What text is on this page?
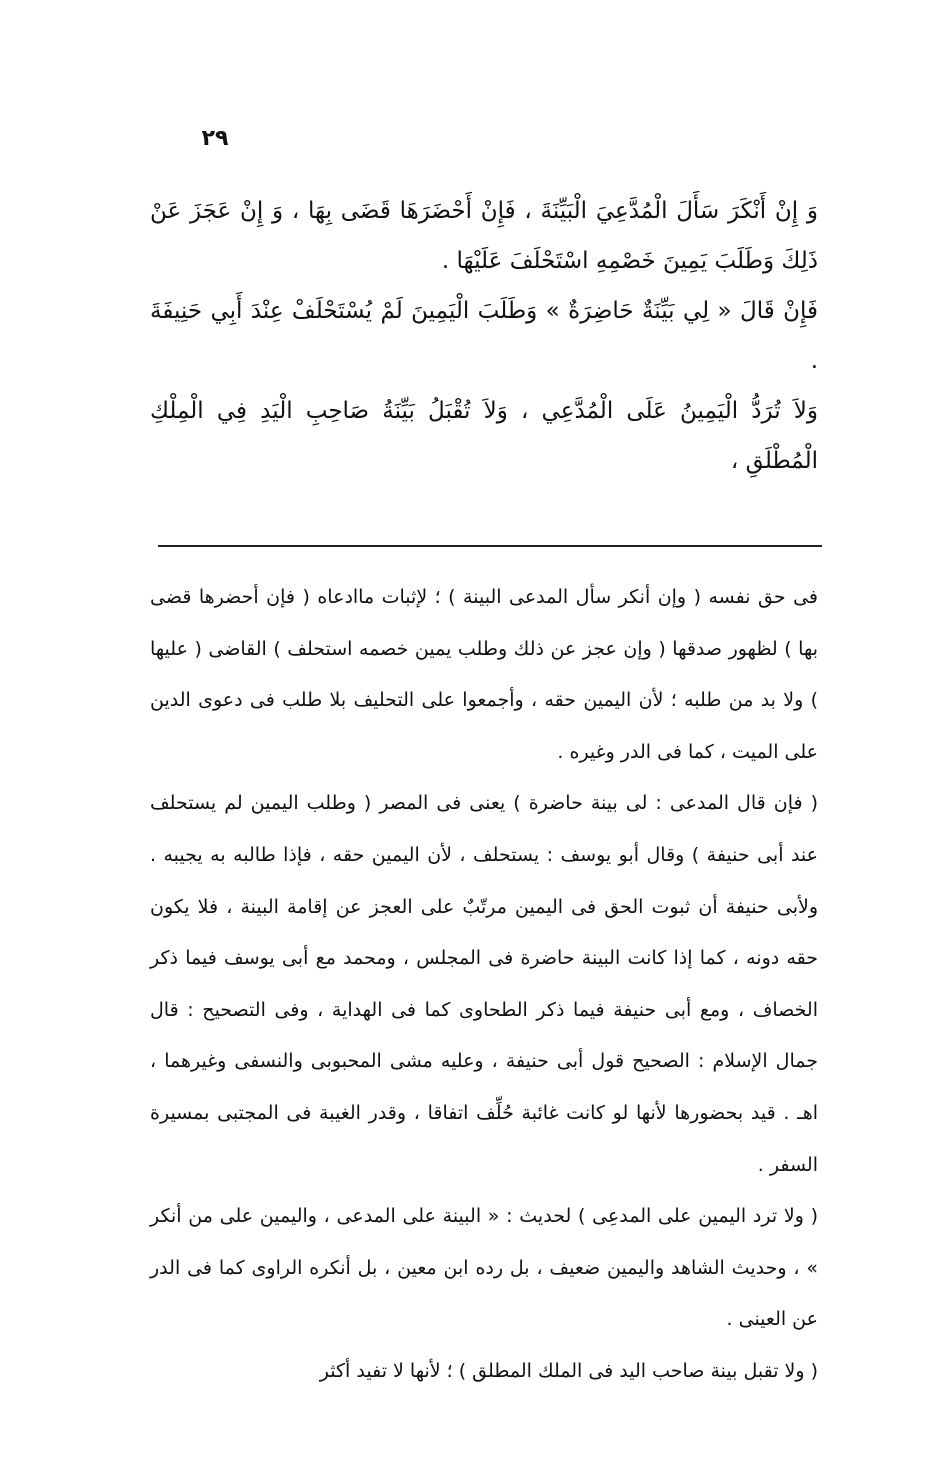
٢٩

وَ إِنْ أَنْكَرَ سَأَلَ الْمُدَّعِيَ الْبَيِّنَةَ ، فَإِنْ أَحْضَرَهَا قَضَى بِهَا ، وَ إِنْ عَجَزَ عَنْ ذَلِكَ وَطَلَبَ يَمِينَ خَصْمِهِ اسْتَحْلَفَ عَلَيْهَا .

فَإِنْ قَالَ « لِي بَيِّنَةٌ حَاضِرَةٌ » وَطَلَبَ الْيَمِينَ لَمْ يُسْتَحْلَفْ عِنْدَ أَبِي حَنِيفَةَ .

وَلاَ تُرَدُّ الْيَمِينُ عَلَى الْمُدَّعِي ، وَلاَ تُقْبَلُ بَيِّنَةُ صَاحِبِ الْيَدِ فِي الْمِلْكِ الْمُطْلَقِ ،

فى حق نفسه ( وإن أنكر سأل المدعى البينة ) ؛ لإثبات ماادعاه ( فإن أحضرها قضى بها ) لظهور صدقها ( وإن عجز عن ذلك وطلب يمين خصمه استحلف ) القاضى ( عليها ) ولا بد من طلبه ؛ لأن اليمين حقه ، وأجمعوا على التحليف بلا طلب فى دعوى الدين على الميت ، كما فى الدر وغيره .

( فإن قال المدعى : لى بينة حاضرة ) يعنى فى المصر ( وطلب اليمين لم يستحلف عند أبى حنيفة ) وقال أبو يوسف : يستحلف ، لأن اليمين حقه ، فإذا طالبه به يجيبه . ولأبى حنيفة أن ثبوت الحق فى اليمين مرتّبٌ على العجز عن إقامة البينة ، فلا يكون حقه دونه ، كما إذا كانت البينة حاضرة فى المجلس ، ومحمد مع أبى يوسف فيما ذكر الخصاف ، ومع أبى حنيفة فيما ذكر الطحاوى كما فى الهداية ، وفى التصحيح : قال جمال الإسلام : الصحيح قول أبى حنيفة ، وعليه مشى المحبوبى والنسفى وغيرهما ، اهـ . قيد بحضورها لأنها لو كانت غائبة حُلِّف اتفاقا ، وقدر الغيبة فى المجتبى بمسيرة السفر .

( ولا ترد اليمين على المدعِى ) لحديث : « البينة على المدعى ، واليمين على من أنكر » ، وحديث الشاهد واليمين ضعيف ، بل رده ابن معين ، بل أنكره الراوى كما فى الدر عن العينى .

( ولا تقبل بينة صاحب اليد فى الملك المطلق ) ؛ لأنها لا تفيد أكثر
